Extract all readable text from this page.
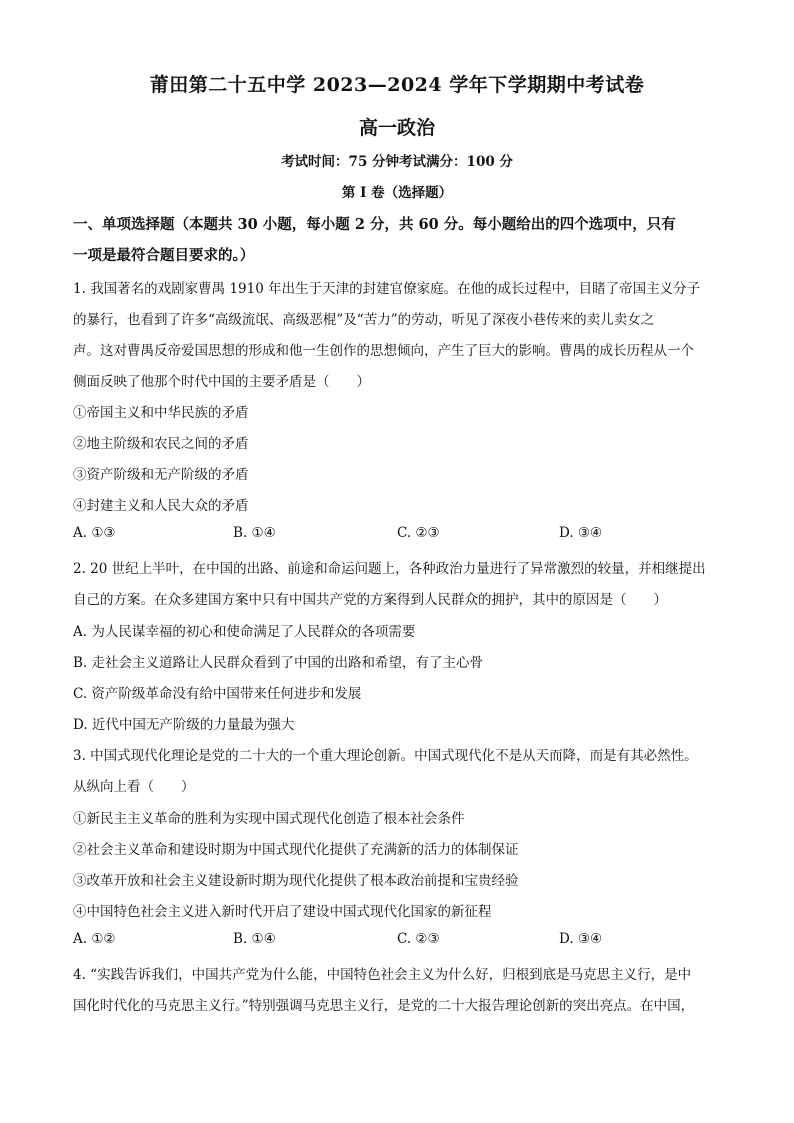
莆田第二十五中学 2023—2024 学年下学期期中考试卷
高一政治
考试时间：75 分钟考试满分：100 分
第 I 卷（选择题）
一、单项选择题（本题共 30 小题，每小题 2 分，共 60 分。每小题给出的四个选项中，只有
一项是最符合题目要求的。）
1. 我国著名的戏剧家曹禺 1910 年出生于天津的封建官僚家庭。在他的成长过程中，目睹了帝国主义分子
的暴行，也看到了许多“高级流氓、高级恶棍”及“苦力”的劳动，听见了深夜小巷传来的卖儿卖女之
声。这对曹禺反帝爱国思想的形成和他一生创作的思想倾向，产生了巨大的影响。曹禺的成长历程从一个
侧面反映了他那个时代中国的主要矛盾是（　　）
①帝国主义和中华民族的矛盾
②地主阶级和农民之间的矛盾
③资产阶级和无产阶级的矛盾
④封建主义和人民大众的矛盾
A. ①③	B. ①④	C. ②③	D. ③④
2. 20 世纪上半叶，在中国的出路、前途和命运问题上，各种政治力量进行了异常激烈的较量，并相继提出
自己的方案。在众多建国方案中只有中国共产党的方案得到人民群众的拥护，其中的原因是（　　）
A. 为人民谋幸福的初心和使命满足了人民群众的各项需要
B. 走社会主义道路让人民群众看到了中国的出路和希望，有了主心骨
C. 资产阶级革命没有给中国带来任何进步和发展
D. 近代中国无产阶级的力量最为强大
3. 中国式现代化理论是党的二十大的一个重大理论创新。中国式现代化不是从天而降，而是有其必然性。
从纵向上看（　　）
①新民主主义革命的胜利为实现中国式现代化创造了根本社会条件
②社会主义革命和建设时期为中国式现代化提供了充满新的活力的体制保证
③改革开放和社会主义建设新时期为现代化提供了根本政治前提和宝贵经验
④中国特色社会主义进入新时代开启了建设中国式现代化国家的新征程
A. ①②	B. ①④	C. ②③	D. ③④
4. “实践告诉我们，中国共产党为什么能，中国特色社会主义为什么好，归根到底是马克思主义行，是中
国化时代化的马克思主义行。”特别强调马克思主义行，是党的二十大报告理论创新的突出亮点。在中国，
